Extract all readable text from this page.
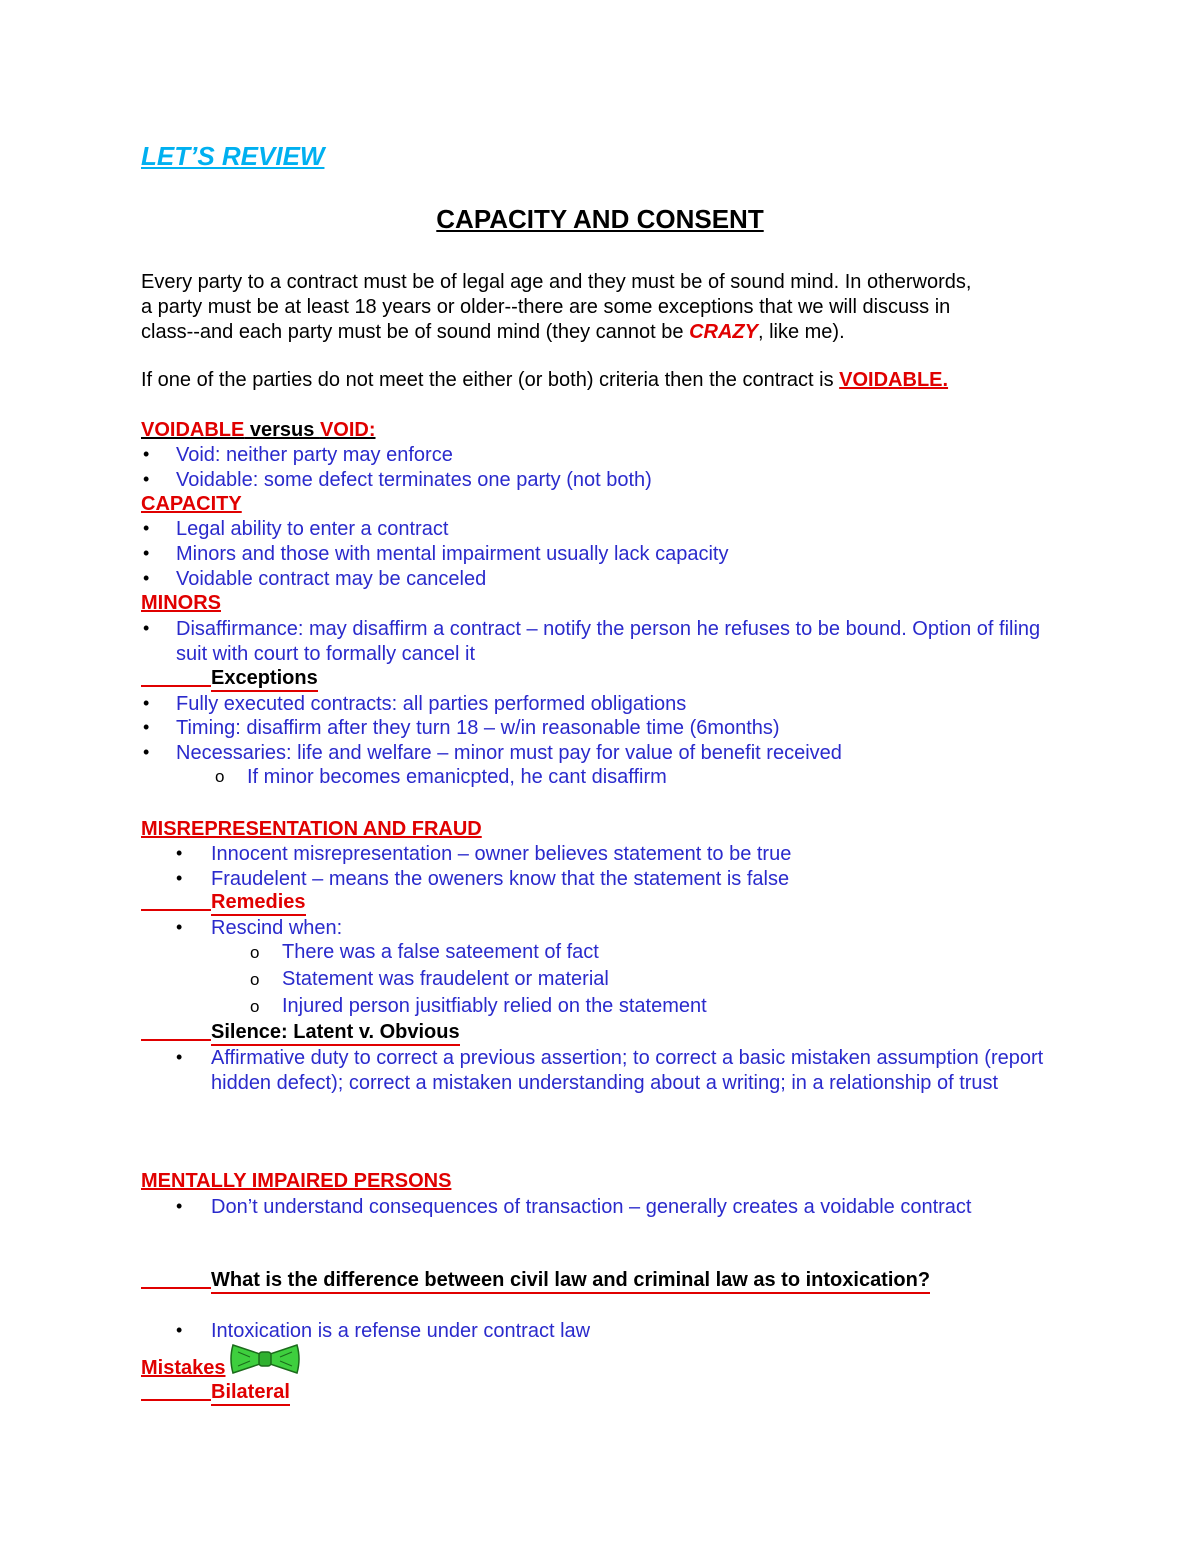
LET’S REVIEW
CAPACITY AND CONSENT
Every party to a contract must be of legal age and they must be of sound mind. In otherwords,
a party must be at least 18 years or older--there are some exceptions that we will discuss in
class--and each party must be of sound mind (they cannot be CRAZY, like me).
If one of the parties do not meet the either (or both) criteria then the contract is VOIDABLE.
VOIDABLE versus VOID:
• Void: neither party may enforce
• Voidable: some defect terminates one party (not both)
CAPACITY
• Legal ability to enter a contract
• Minors and those with mental impairment usually lack capacity
• Voidable contract may be canceled
MINORS
• Disaffirmance: may disaffirm a contract – notify the person he refuses to be bound. Option of filing suit with court to formally cancel it
Exceptions
• Fully executed contracts: all parties performed obligations
• Timing: disaffirm after they turn 18 – w/in reasonable time (6months)
• Necessaries: life and welfare – minor must pay for value of benefit received
o If minor becomes emanicpted, he cant disaffirm
MISREPRESENTATION AND FRAUD
• Innocent misrepresentation – owner believes statement to be true
• Fraudelent – means the oweners know that the statement is false
Remedies
• Rescind when:
o There was a false sateement of fact
o Statement was fraudelent or material
o Injured person jusitfiably relied on the statement
Silence: Latent v. Obvious
• Affirmative duty to correct a previous assertion; to correct a basic mistaken assumption (report hidden defect); correct a mistaken understanding about a writing; in a relationship of trust
MENTALLY IMPAIRED PERSONS
• Don’t understand consequences of transaction – generally creates a voidable contract
What is the difference between civil law and criminal law as to intoxication?
• Intoxication is a refense under contract law
Mistakes
Bilateral
